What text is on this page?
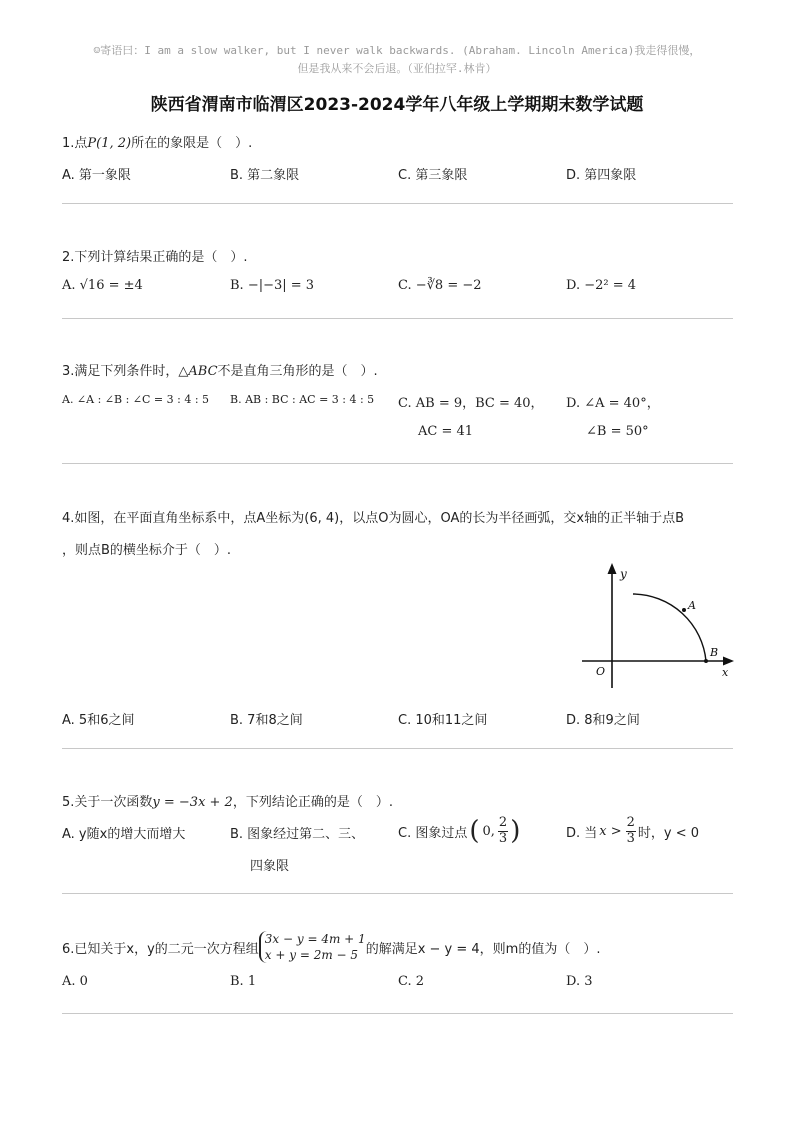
☺寄语曰：I am a slow walker, but I never walk backwards. (Abraham. Lincoln America)我走得很慢，
但是我从来不会后退。（亚伯拉罕.林肯）
陕西省渭南市临渭区2023-2024学年八年级上学期期末数学试题
1.点P(1, 2)所在的象限是（　）.
A. 第一象限	B. 第二象限	C. 第三象限	D. 第四象限
2.下列计算结果正确的是（　）.
A. √16 = ±4	B. −|−3| = 3	C. −∛8 = −2	D. −2² = 4
3.满足下列条件时，△ABC不是直角三角形的是（　）.
A. ∠A : ∠B : ∠C = 3 : 4 : 5 B. AB : BC : AC = 3 : 4 : 5 C. AB = 9，BC = 40， D. ∠A = 40°，
AC = 41	∠B = 50°
4.如图，在平面直角坐标系中，点A坐标为(6, 4)，以点O为圆心，OA的长为半径画弧，交x轴的正半轴于点B
，则点B的横坐标介于（　）.
y
x
O
A
B
A. 5和6之间	B. 7和8之间	C. 10和11之间	D. 8和9之间
5.关于一次函数y = −3x + 2，下列结论正确的是（　）.
A. y随x的增大而增大	B. 图象经过第二、三、
四象限
C. 图象过点 ( 0, $\frac{2}{3}$ )	D. 当 $x > \frac{2}{3}$ 时，y < 0
6.已知关于x，y的二元一次方程组
3x − y = 4m + 1
x + y = 2m − 5 的解满足x − y = 4，则m的值为（　）.
A. 0	B. 1	C. 2	D. 3
